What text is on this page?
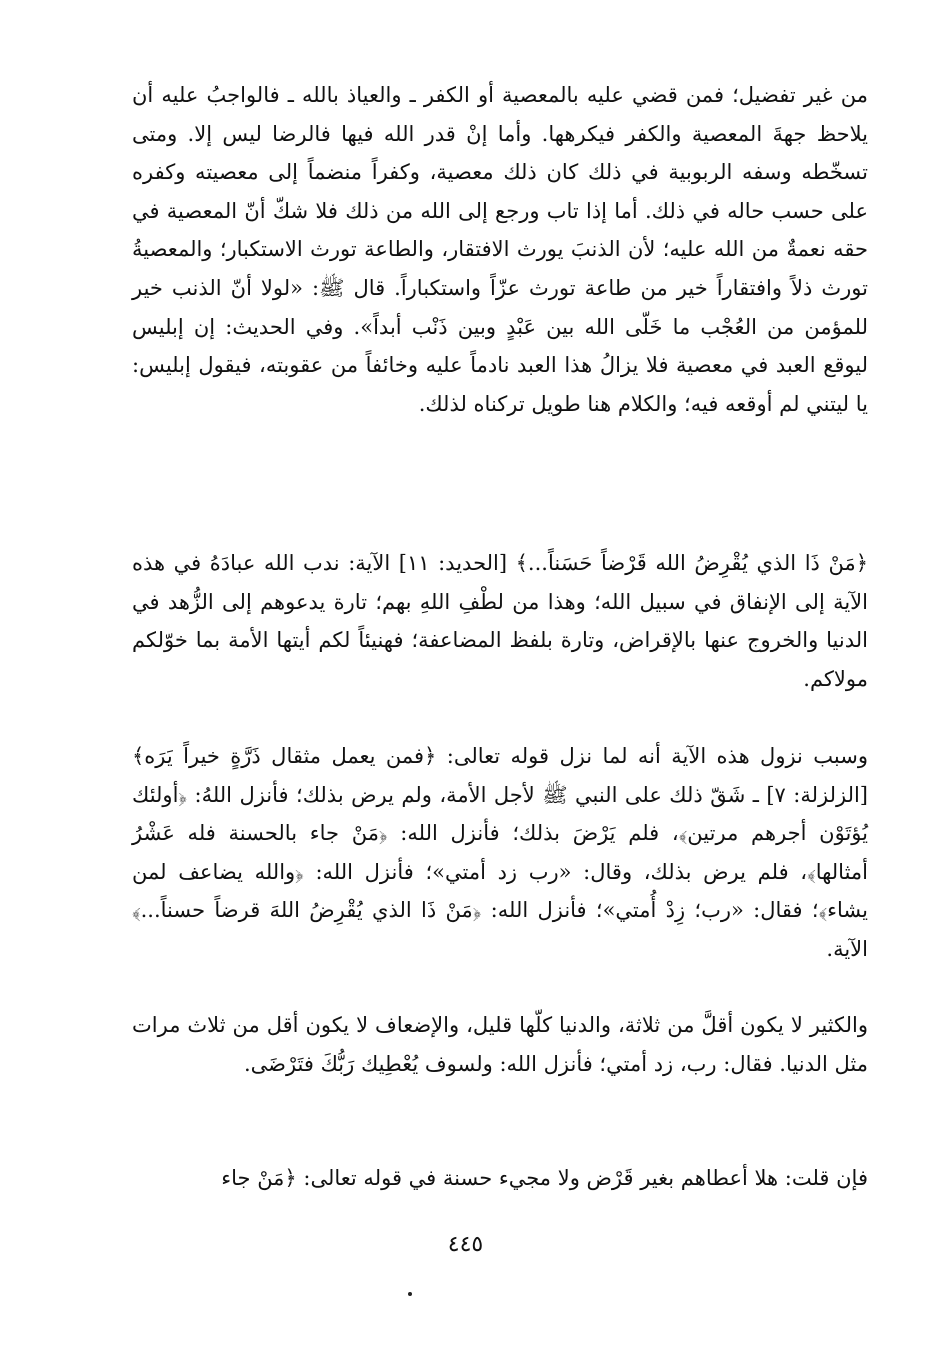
من غير تفضيل؛ فمن قضي عليه بالمعصية أو الكفر ـ والعياذ بالله ـ فالواجبُ عليه أن يلاحظ جهةَ المعصية والكفر فيكرهها. وأما إنْ قدر الله فيها فالرضا ليس إلا. ومتى تسخّطه وسفه الربوبية في ذلك كان ذلك معصية، وكفراً منضماً إلى معصيته وكفره على حسب حاله في ذلك. أما إذا تاب ورجع إلى الله من ذلك فلا شكّ أنّ المعصية في حقه نعمةٌ من الله عليه؛ لأن الذنبَ يورث الافتقار، والطاعة تورث الاستكبار؛ والمعصيةُ تورث ذلاً وافتقاراً خير من طاعة تورث عزّاً واستكباراً. قال ﷺ: «لولا أنّ الذنب خير للمؤمن من العُجْب ما خَلّى الله بين عَبْدٍ وبين ذَنْب أبداً». وفي الحديث: إن إبليس ليوقع العبد في معصية فلا يزالُ هذا العبد نادماً عليه وخائفاً من عقوبته، فيقول إبليس: يا ليتني لم أوقعه فيه؛ والكلام هنا طويل تركناه لذلك.

﴿مَنْ ذَا الذي يُقْرِضُ الله قَرْضاً حَسَناً...﴾ [الحديد: ١١] الآية: ندب الله عبادَهُ في هذه الآية إلى الإنفاق في سبيل الله؛ وهذا من لطْفِ اللهِ بهم؛ تارة يدعوهم إلى الزُّهد في الدنيا والخروج عنها بالإقراض، وتارة بلفظ المضاعفة؛ فهنيئاً لكم أيتها الأمة بما خوّلكم مولاكم.

وسبب نزول هذه الآية أنه لما نزل قوله تعالى: ﴿فمن يعمل مثقال ذَرَّةٍ خيراً يَرَه﴾ [الزلزلة: ٧] ـ شَقّ ذلك على النبي ﷺ لأجل الأمة، ولم يرض بذلك؛ فأنزل اللهُ: ﴿أولئك يُؤتَوْن أجرهم مرتين﴾، فلم يَرْضَ بذلك؛ فأنزل الله: ﴿مَنْ جاء بالحسنة فله عَشْرُ أمثالها﴾، فلم يرض بذلك، وقال: «رب زد أمتي»؛ فأنزل الله: ﴿والله يضاعف لمن يشاء﴾؛ فقال: «رب؛ زِدْ أُمتي»؛ فأنزل الله: ﴿مَنْ ذَا الذي يُقْرِضُ اللهَ قرضاً حسناً...﴾ الآية.

والكثير لا يكون أقلَّ من ثلاثة، والدنيا كلّها قليل، والإضعاف لا يكون أقل من ثلاث مرات مثل الدنيا. فقال: رب، زد أمتي؛ فأنزل الله: ولسوف يُعْطِيك رَبُّكَ فتَرْضَى.

فإن قلت: هلا أعطاهم بغير قَرْض ولا مجيء حسنة في قوله تعالى: ﴿مَنْ جاء

٤٤٥
